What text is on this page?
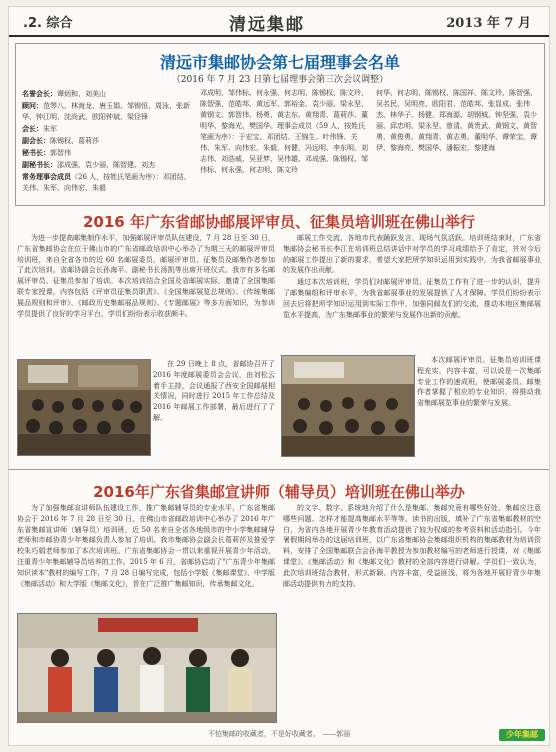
.2. 综合	清远集邮	2013 年 7 月
清远市集邮协会第七届理事会名单
（2016 年 7 月 23 日第七届理事会第三次会议调整）

名誉会长：谭炳和、刘美山

顾问：范琴八、林海龙、唐玉娟、邹锡恒、周泳、张新华、钟江明、沈尚武、欧阳钟斌、梁径锋

会长：朱军

副会长：陈锡权、葛莉莎

秘书长：郭智伟

副秘书长：邵成强、袁少丽、陈智建、刘杰

常务理事会成员（26 人，按姓氏笔画为序）：邓团结、关伟、朱军、向伟宏、朱毅

邓成明、邹伟标、何永强、何志明、陈锡权、陈文玲、陈智强、范皓邦、黄远军、郭裕金、袁少丽、梁永坚、黄钢文、郭智伟、杨勇、黄志东、黄翔青、葛莉莎、董明华、黎海光、樊国华。理事会成员（59 人，按姓氏笔画为序）：于宏宝、邓团结、王锦生、叶伟锋、关伟、朱军、向伟宏、朱毅、何健、冯远明、李东明、刘志伟、刘浩威、吴亚梦、吴伟雄、邓成强、陈锡权、邹伟标、何永强、何志明、陈文玲
何华、何志明、陈锡权、陈国祥、陈文玲、陈智强、吴名民、吴明亮、欧阳君、范皓邦、张显成、张伟杰、林华子、杨健、郑海源、胡钢城、钟坚强、袁少丽、邱忠明、梁永坚、曾清、黄贵武、黄钢文、黄智勇、黄俊勇、黄翔青、黄志勇、董明华、谭荣宝、谭伊、黎海亮、樊国华、潘振宏、黎建海
2016 年广东省邮协邮展评审员、征集员培训班在佛山举行

为进一步提高邮集制作水平，加强邮展评审员队伍建设，7 月 28 日至 30 日，广东省集邮协会在位于佛山市的广东省邮政培训中心举办了为期三天的邮展评审员培训班，来自全省各市的近 60 名邮展委员、邮展评审员、征集员及邮集作者参加了此次培训。省邮协副会长孙海平、副秘书长汤凯等出席开班仪式。我市有多名邮展评审员、征集员参加了培训。本次培训结合全国及省邮展实际，邀请了全国集邮联专家授课，内容包括《评审员征集员职责》、《全国集邮展览总规则》、《传统集邮展品规则和评审》、《邮政历史集邮展品规则》、《专题邮展》等多方面知识，为参训学员提供了良好的学习平台，学员们纷纷表示收获颇丰。

在 29 日晚上 8 点，省邮协召开了 2016 年度邮展委员会会议，由刘松云着手主持，会议通报了西安全国邮展相关情况，同时进行 2015 年工作总结及 2016 年邮展工作部署，最后进行了了解。

邮展工作交流，各地市代表踊跃发言，现场气氛活跃。培训班结束时，广东省集邮协会秘书长李江在培训班总结讲话中对学员的学习成绩给予了肯定，并对今后的邮展工作提出了新的要求，希望大家把所学知识运用到实践中，为我省邮展事业的发展作出贡献。

通过本次培训班，学员们对邮展评审员、征集员工作有了进一步的认识，提升了邮集编组和评审水平，为我省邮展事业的发展提供了人才保障。学员们纷纷表示回去后将把所学知识运用到实际工作中，加强同邮友们的交流，推动本地区集邮展览水平提高，为广东集邮事业的繁荣与发展作出新的贡献。

本次邮展评审员、征集员培训班课程充实，内容丰富，可以说是一次集邮专业工作的速成班，使邮展委员、邮集作者掌握了相应的专业知识，将推动我省集邮展览事业的繁荣与发展。

2016年广东省集邮宣讲师（辅导员）培训班在佛山举办

为了加强集邮宣讲师队伍建设工作，推广集邮辅导员的专业水平，广东省集邮协会于 2016 年 7 月 28 日至 30 日，在佛山市省邮政培训中心举办了 2016 年广东省集邮宣讲师（辅导员）培训班，近 50 名来自全省各地级市的中小学集邮辅导老师和市邮协青少年集邮负责人参加了培训。我市集邮协会副会长葛莉莎及推爱学校朱巧娟老师参加了本次培训班。广东省集邮协会一贯以来重视开展青少年活动，注重青少年集邮辅导员培养的工作。2015 年 6 月，省邮协启动了"广东青少年集邮知识读本"教材的编写工作，7 月 28 日编写完成，包括小学版《集邮课堂》、中学版《集邮活动》和大学版《集邮文化》，旨在广泛推广集邮知识，传承集邮文化。

的文字、数字、系统地介绍了什么是集邮、集邮究竟有哪些好处、集邮应注意哪些问题、怎样才能提高集邮水平等等。读书的出版，填补了广东省集邮教材的空白，为省内各地开展青少年教育活动提供了较为权威的参考资料和活动指引。今年暑假期间举办的这届培训班，以广东省集邮协会集邮组织机构的集邮教材为培训资料，安排了全国集邮联合会孙海平教授为参加教材编写的老师进行授课，对《集邮课堂》、《集邮活动》和《集邮文化》教材的全部内容进行讲解。学员们一致认为，此次培训班结合教材，形式新颖、内容丰富，受益匪浅，将为各地开展好青少年集邮活动提供有力的支持。

不怕集邮的收藏者，不是好收藏者。 ——郭丽	少年集邮
